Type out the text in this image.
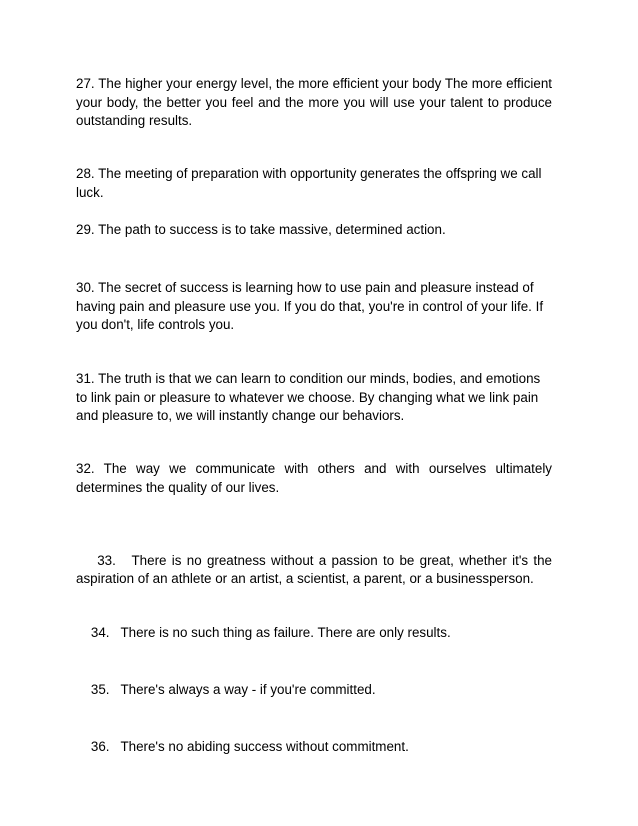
27. The higher your energy level, the more efficient your body The more efficient your body, the better you feel and the more you will use your talent to produce outstanding results.

28. The meeting of preparation with opportunity generates the offspring we call luck.

29. The path to success is to take massive, determined action.

30. The secret of success is learning how to use pain and pleasure instead of having pain and pleasure use you. If you do that, you're in control of your life. If you don't, life controls you.

31. The truth is that we can learn to condition our minds, bodies, and emotions to link pain or pleasure to whatever we choose. By changing what we link pain and pleasure to, we will instantly change our behaviors.

32. The way we communicate with others and with ourselves ultimately determines the quality of our lives.

33.   There is no greatness without a passion to be great, whether it's the aspiration of an athlete or an artist, a scientist, a parent, or a businessperson.

34.   There is no such thing as failure. There are only results.

35.   There's always a way - if you're committed.

36.   There's no abiding success without commitment.
